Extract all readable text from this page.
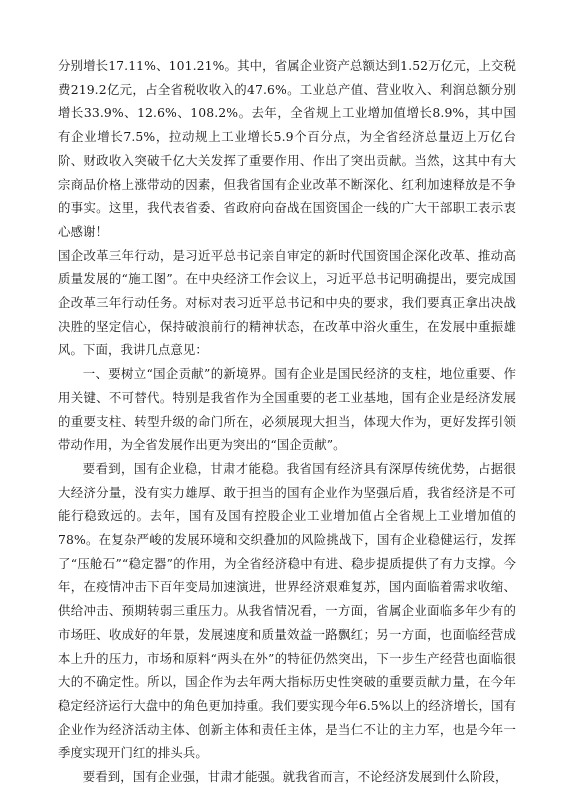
分别增长17.11%、101.21%。其中，省属企业资产总额达到1.52万亿元，上交税费219.2亿元，占全省税收收入的47.6%。工业总产值、营业收入、利润总额分别增长33.9%、12.6%、108.2%。去年，全省规上工业增加值增长8.9%，其中国有企业增长7.5%，拉动规上工业增长5.9个百分点，为全省经济总量迈上万亿台阶、财政收入突破千亿大关发挥了重要作用、作出了突出贡献。当然，这其中有大宗商品价格上涨带动的因素，但我省国有企业改革不断深化、红利加速释放是不争的事实。这里，我代表省委、省政府向奋战在国资国企一线的广大干部职工表示衷心感谢！

国企改革三年行动，是习近平总书记亲自审定的新时代国资国企深化改革、推动高质量发展的“施工图”。在中央经济工作会议上，习近平总书记明确提出，要完成国企改革三年行动任务。对标对表习近平总书记和中央的要求，我们要真正拿出决战决胜的坚定信心，保持破浪前行的精神状态，在改革中浴火重生，在发展中重振雄风。下面，我讲几点意见：

一、要树立“国企贡献”的新境界。国有企业是国民经济的支柱，地位重要、作用关键、不可替代。特别是我省作为全国重要的老工业基地，国有企业是经济发展的重要支柱、转型升级的命门所在，必须展现大担当，体现大作为，更好发挥引领带动作用，为全省发展作出更为突出的“国企贡献”。

要看到，国有企业稳，甘肃才能稳。我省国有经济具有深厚传统优势，占据很大经济分量，没有实力雄厚、敢于担当的国有企业作为坚强后盾，我省经济是不可能行稳致远的。去年，国有及国有控股企业工业增加值占全省规上工业增加值的78%。在复杂严峻的发展环境和交织叠加的风险挑战下，国有企业稳健运行，发挥了“压舱石”“稳定器”的作用，为全省经济稳中有进、稳步提质提供了有力支撑。今年，在疫情冲击下百年变局加速演进，世界经济艰难复苏，国内面临着需求收缩、供给冲击、预期转弱三重压力。从我省情况看，一方面，省属企业面临多年少有的市场旺、收成好的年景，发展速度和质量效益一路飘红；另一方面，也面临经营成本上升的压力，市场和原料“两头在外”的特征仍然突出，下一步生产经营也面临很大的不确定性。所以，国企作为去年两大指标历史性突破的重要贡献力量，在今年稳定经济运行大盘中的角色更加持重。我们要实现今年6.5%以上的经济增长，国有企业作为经济活动主体、创新主体和责任主体，是当仁不让的主力军，也是今年一季度实现开门红的排头兵。

要看到，国有企业强，甘肃才能强。就我省而言，不论经济发展到什么阶段，
